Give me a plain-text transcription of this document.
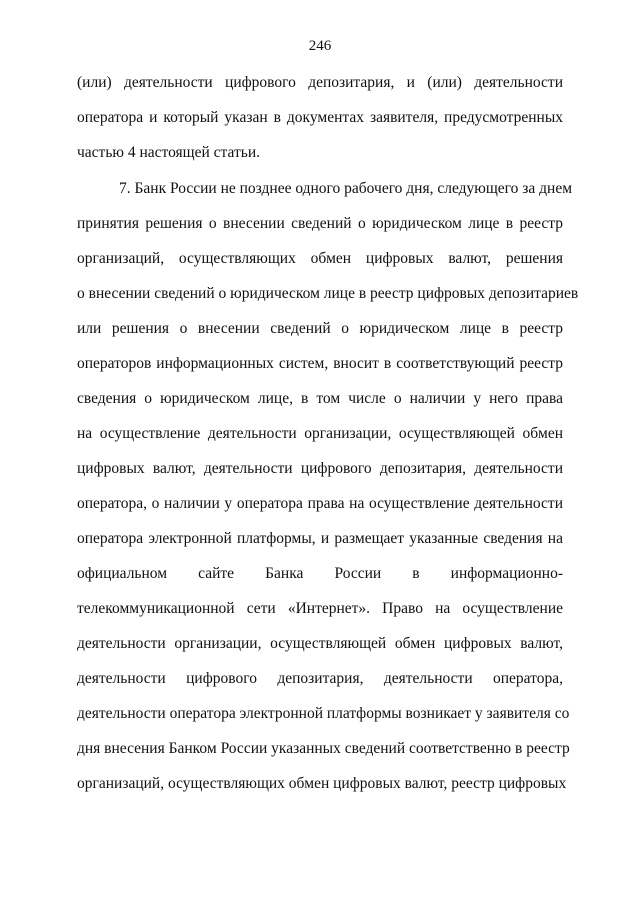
246
(или) деятельности цифрового депозитария, и (или) деятельности
оператора и который указан в документах заявителя, предусмотренных
частью 4 настоящей статьи.
7. Банк России не позднее одного рабочего дня, следующего за днем
принятия решения о внесении сведений о юридическом лице в реестр
организаций, осуществляющих обмен цифровых валют, решения
о внесении сведений о юридическом лице в реестр цифровых депозитариев
или решения о внесении сведений о юридическом лице в реестр
операторов информационных систем, вносит в соответствующий реестр
сведения о юридическом лице, в том числе о наличии у него права
на осуществление деятельности организации, осуществляющей обмен
цифровых валют, деятельности цифрового депозитария, деятельности
оператора, о наличии у оператора права на осуществление деятельности
оператора электронной платформы, и размещает указанные сведения на
официальном сайте Банка России в информационно-
телекоммуникационной сети «Интернет». Право на осуществление
деятельности организации, осуществляющей обмен цифровых валют,
деятельности цифрового депозитария, деятельности оператора,
деятельности оператора электронной платформы возникает у заявителя со
дня внесения Банком России указанных сведений соответственно в реестр
организаций, осуществляющих обмен цифровых валют, реестр цифровых
